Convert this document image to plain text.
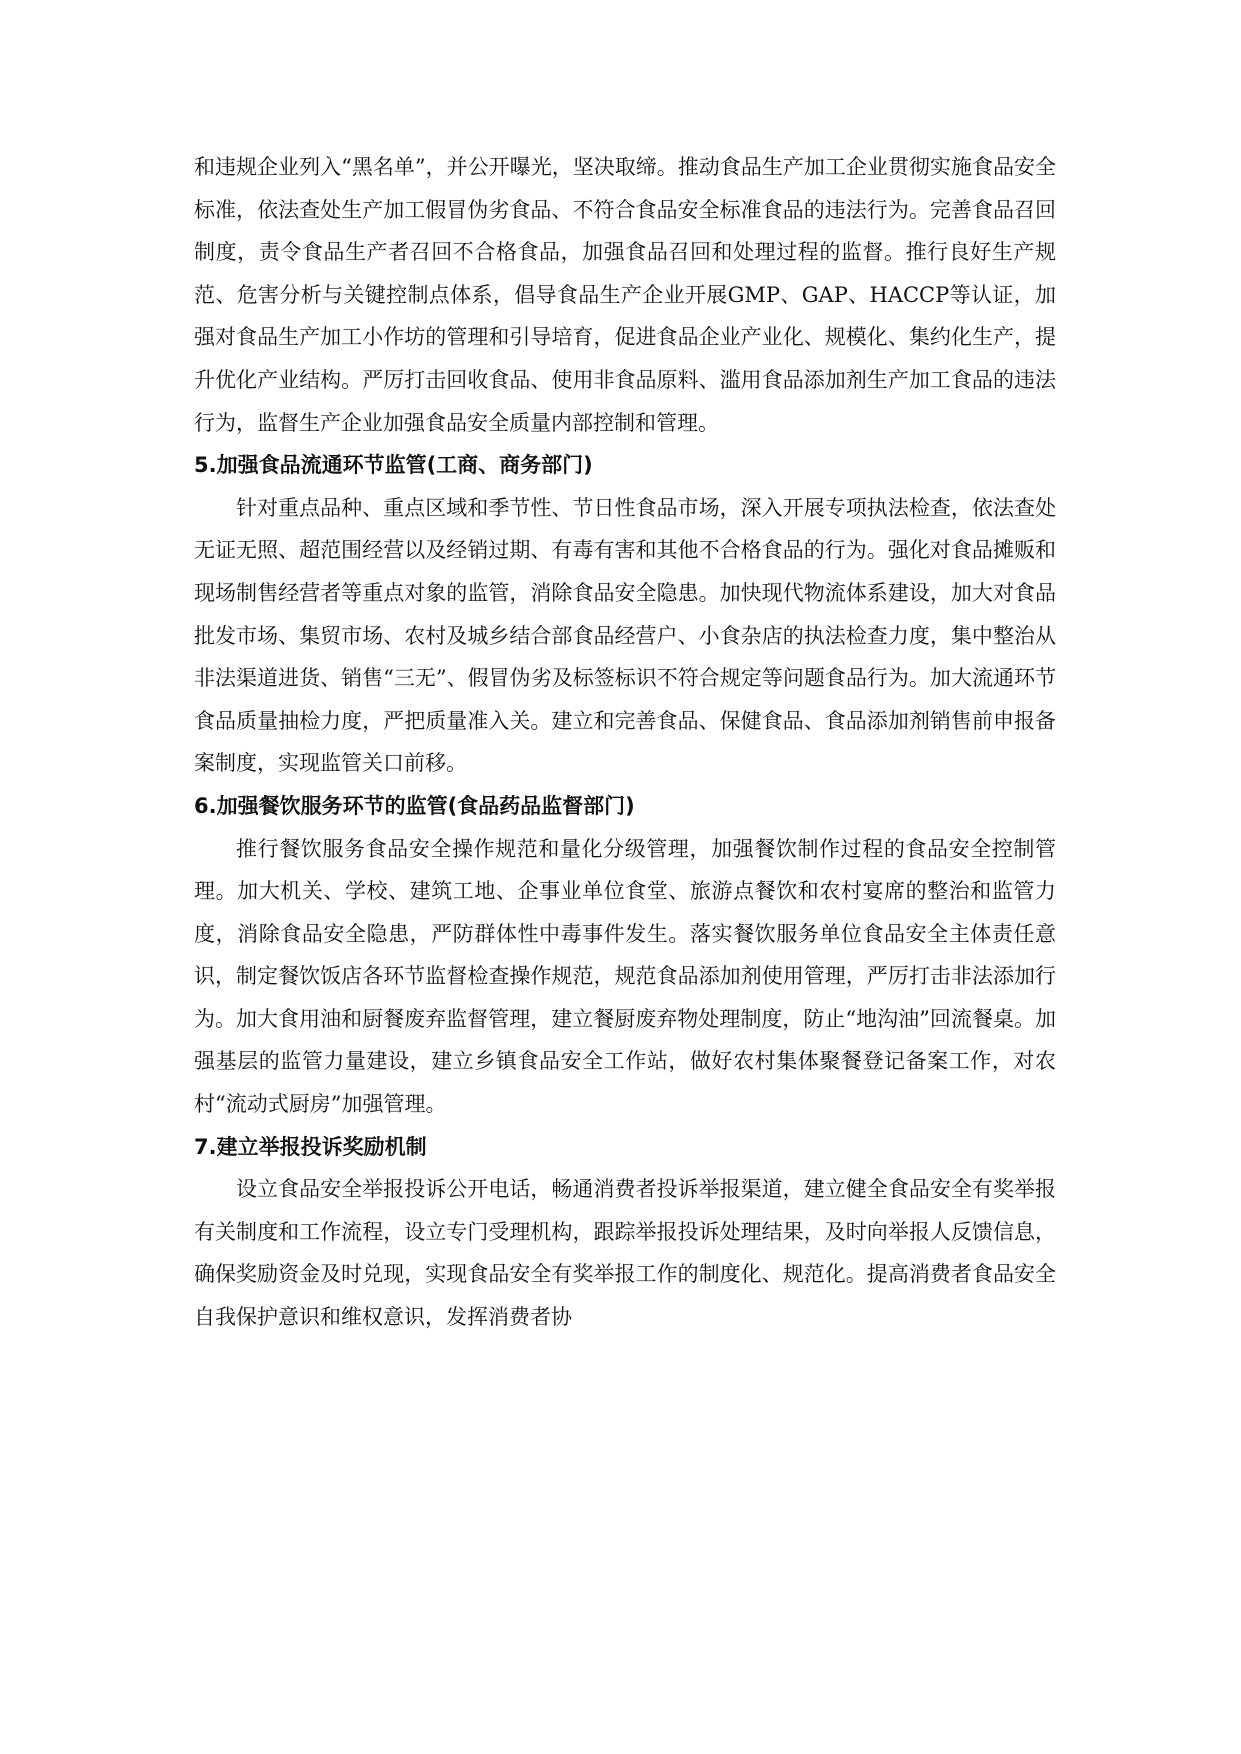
和违规企业列入“黑名单”，并公开曝光，坚决取缔。推动食品生产加工企业贯彻实施食品安全标准，依法查处生产加工假冒伪劣食品、不符合食品安全标准食品的违法行为。完善食品召回制度，责令食品生产者召回不合格食品，加强食品召回和处理过程的监督。推行良好生产规范、危害分析与关键控制点体系，倡导食品生产企业开展GMP、GAP、HACCP等认证，加强对食品生产加工小作坊的管理和引导培育，促进食品企业产业化、规模化、集约化生产，提升优化产业结构。严厉打击回收食品、使用非食品原料、滥用食品添加剂生产加工食品的违法行为，监督生产企业加强食品安全质量内部控制和管理。

5.加强食品流通环节监管(工商、商务部门)

针对重点品种、重点区域和季节性、节日性食品市场，深入开展专项执法检查，依法查处无证无照、超范围经营以及经销过期、有毒有害和其他不合格食品的行为。强化对食品摊贩和现场制售经营者等重点对象的监管，消除食品安全隐患。加快现代物流体系建设，加大对食品批发市场、集贸市场、农村及城乡结合部食品经营户、小食杂店的执法检查力度，集中整治从非法渠道进货、销售“三无”、假冒伪劣及标签标识不符合规定等问题食品行为。加大流通环节食品质量抽检力度，严把质量准入关。建立和完善食品、保健食品、食品添加剂销售前申报备案制度，实现监管关口前移。

6.加强餐饮服务环节的监管(食品药品监督部门)

推行餐饮服务食品安全操作规范和量化分级管理，加强餐饮制作过程的食品安全控制管理。加大机关、学校、建筑工地、企事业单位食堂、旅游点餐饮和农村宴席的整治和监管力度，消除食品安全隐患，严防群体性中毒事件发生。落实餐饮服务单位食品安全主体责任意识，制定餐饮饭店各环节监督检查操作规范，规范食品添加剂使用管理，严厉打击非法添加行为。加大食用油和厨餐废弃监督管理，建立餐厨废弃物处理制度，防止“地沟油”回流餐桌。加强基层的监管力量建设，建立乡镇食品安全工作站，做好农村集体聚餐登记备案工作，对农村“流动式厨房”加强管理。

7.建立举报投诉奖励机制

设立食品安全举报投诉公开电话，畅通消费者投诉举报渠道，建立健全食品安全有奖举报有关制度和工作流程，设立专门受理机构，跟踪举报投诉处理结果，及时向举报人反馈信息，确保奖励资金及时兑现，实现食品安全有奖举报工作的制度化、规范化。提高消费者食品安全自我保护意识和维权意识，发挥消费者协
